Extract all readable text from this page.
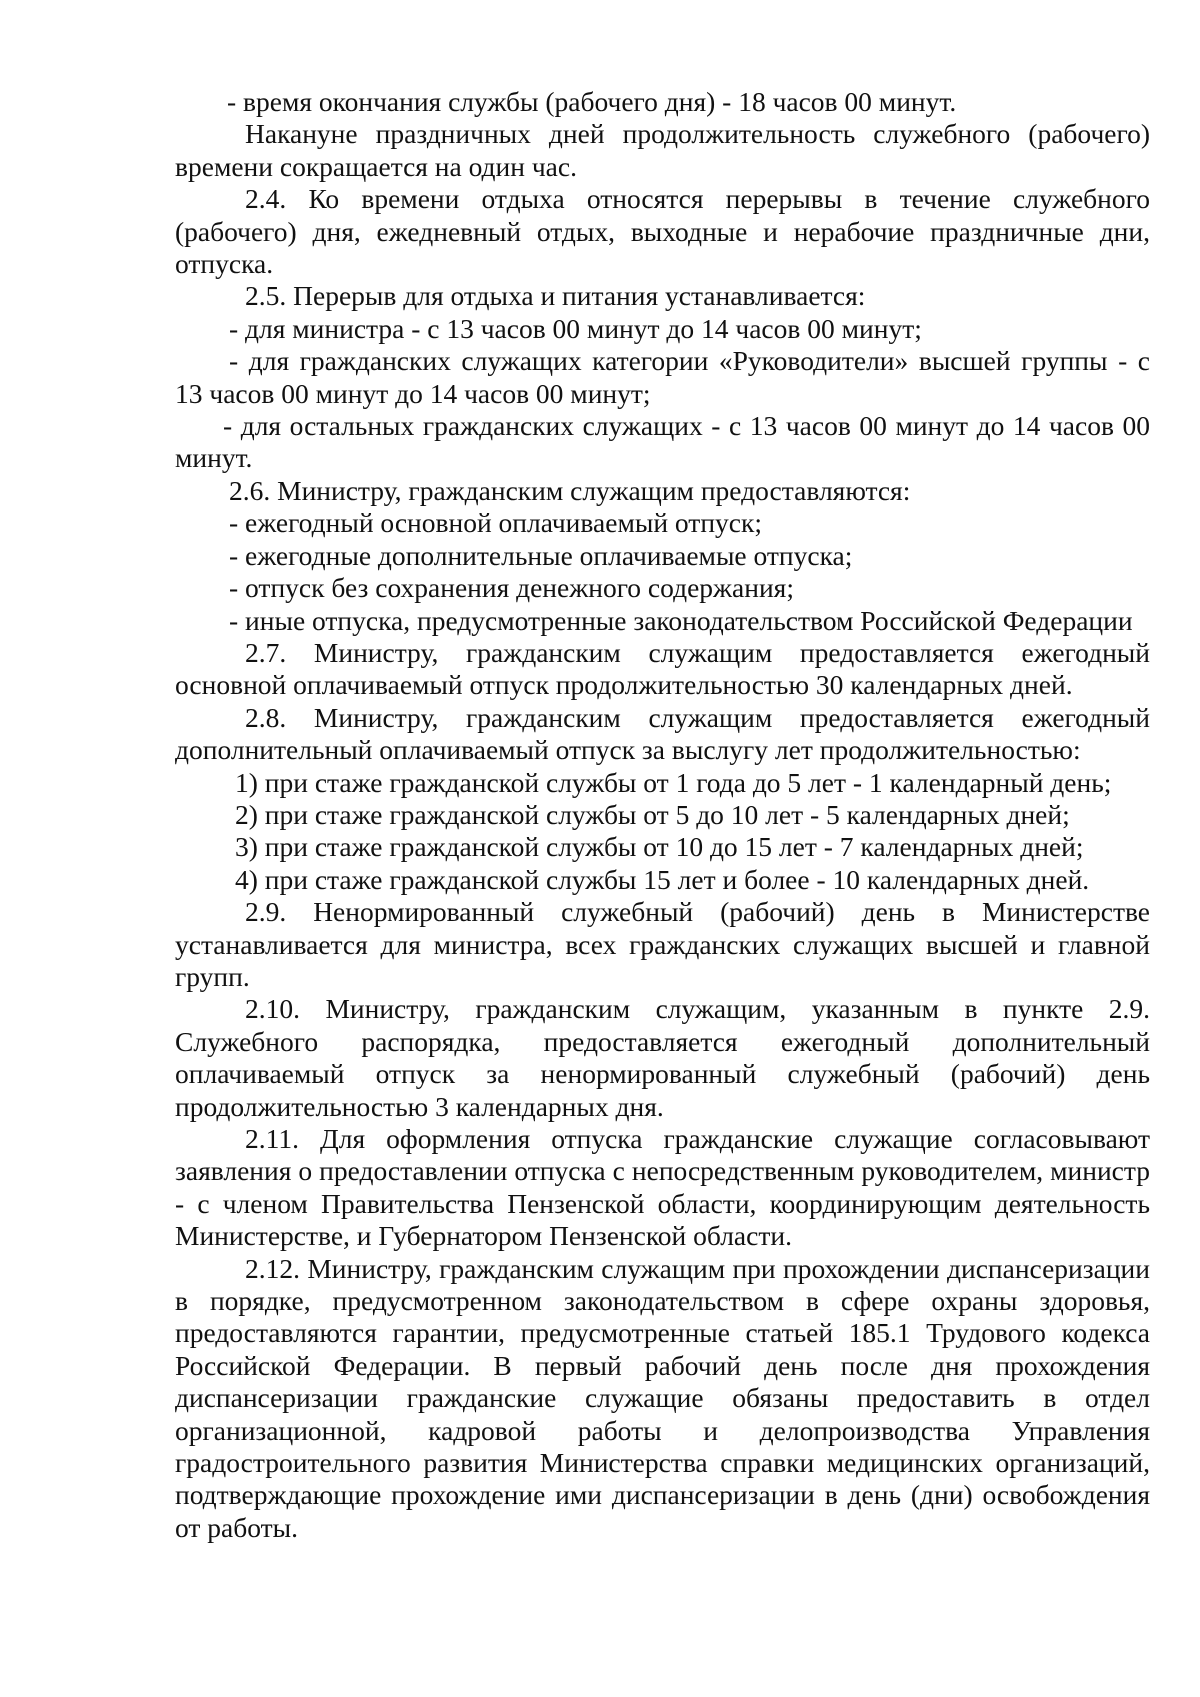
- время окончания службы (рабочего дня) - 18 часов 00 минут.

Накануне праздничных дней продолжительность служебного (рабочего) времени сокращается на один час.

2.4. Ко времени отдыха относятся перерывы в течение служебного (рабочего) дня, ежедневный отдых, выходные и нерабочие праздничные дни, отпуска.

2.5. Перерыв для отдыха и питания устанавливается:

- для министра - с 13 часов 00 минут до 14 часов 00 минут;

- для гражданских служащих категории «Руководители» высшей группы - с 13 часов 00 минут до 14 часов 00 минут;

- для остальных гражданских служащих - с 13 часов 00 минут до 14 часов 00 минут.

2.6. Министру, гражданским служащим предоставляются:

- ежегодный основной оплачиваемый отпуск;

- ежегодные дополнительные оплачиваемые отпуска;

- отпуск без сохранения денежного содержания;

- иные отпуска, предусмотренные законодательством Российской Федерации

2.7. Министру, гражданским служащим предоставляется ежегодный основной оплачиваемый отпуск продолжительностью 30 календарных дней.

2.8. Министру, гражданским служащим предоставляется ежегодный дополнительный оплачиваемый отпуск за выслугу лет продолжительностью:

1) при стаже гражданской службы от 1 года до 5 лет - 1 календарный день;

2) при стаже гражданской службы от 5 до 10 лет - 5 календарных дней;

3) при стаже гражданской службы от 10 до 15 лет - 7 календарных дней;

4) при стаже гражданской службы 15 лет и более - 10 календарных дней.

2.9. Ненормированный служебный (рабочий) день в Министерстве устанавливается для министра, всех гражданских служащих высшей и главной групп.

2.10. Министру, гражданским служащим, указанным в пункте 2.9. Служебного распорядка, предоставляется ежегодный дополнительный оплачиваемый отпуск за ненормированный служебный (рабочий) день продолжительностью 3 календарных дня.

2.11. Для оформления отпуска гражданские служащие согласовывают заявления о предоставлении отпуска с непосредственным руководителем, министр - с членом Правительства Пензенской области, координирующим деятельность Министерстве, и Губернатором Пензенской области.

2.12. Министру, гражданским служащим при прохождении диспансеризации в порядке, предусмотренном законодательством в сфере охраны здоровья, предоставляются гарантии, предусмотренные статьей 185.1 Трудового кодекса Российской Федерации. В первый рабочий день после дня прохождения диспансеризации гражданские служащие обязаны предоставить в отдел организационной, кадровой работы и делопроизводства Управления градостроительного развития Министерства справки медицинских организаций, подтверждающие прохождение ими диспансеризации в день (дни) освобождения от работы.
